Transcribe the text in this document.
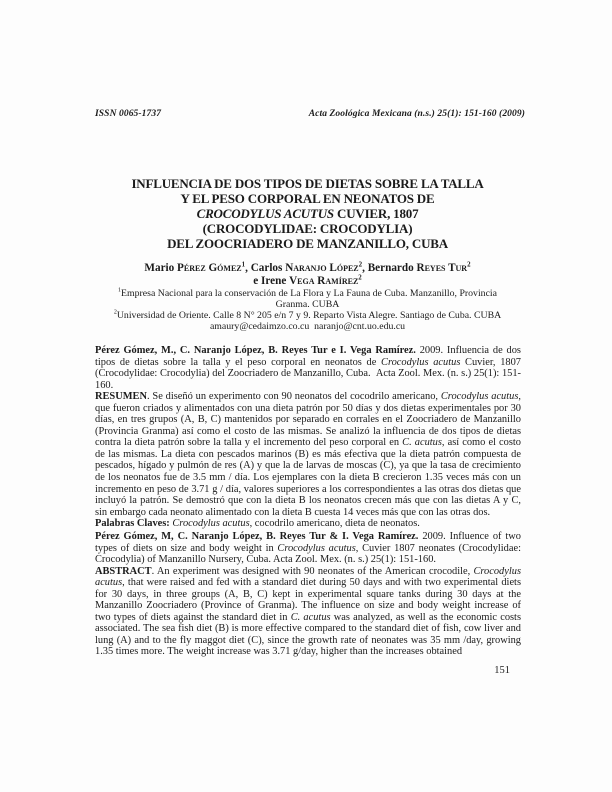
ISSN 0065-1737	Acta Zoológica Mexicana (n.s.) 25(1): 151-160 (2009)
INFLUENCIA DE DOS TIPOS DE DIETAS SOBRE LA TALLA
Y EL PESO CORPORAL EN NEONATOS DE
CROCODYLUS ACUTUS CUVIER, 1807
(CROCODYLIDAE: CROCODYLIA)
DEL ZOOCRIADERO DE MANZANILLO, CUBA
Mario Pérez Gómez$^1$, Carlos Naranjo López$^2$, Bernardo Reyes Tur$^2$
e Irene Vega Ramírez$^2$
$^1$Empresa Nacional para la conservación de La Flora y La Fauna de Cuba. Manzanillo, Provincia
Granma. CUBA
$^2$Universidad de Oriente. Calle 8 N° 205 e/n 7 y 9. Reparto Vista Alegre. Santiago de Cuba. CUBA
amaury@cedaimzo.co.cu  naranjo@cnt.uo.edu.cu

Pérez Gómez, M., C. Naranjo López, B. Reyes Tur e I. Vega Ramírez. 2009. Influencia de dos tipos de dietas sobre la talla y el peso corporal en neonatos de Crocodylus acutus Cuvier, 1807 (Crocodylidae: Crocodylia) del Zoocriadero de Manzanillo, Cuba.  Acta Zool. Mex. (n. s.) 25(1): 151-160.

RESUMEN. Se diseñó un experimento con 90 neonatos del cocodrilo americano, Crocodylus acutus, que fueron criados y alimentados con una dieta patrón por 50 días y dos dietas experimentales por 30 días, en tres grupos (A, B, C) mantenidos por separado en corrales en el Zoocriadero de Manzanillo (Provincia Granma) así como el costo de las mismas. Se analizó la influencia de dos tipos de dietas contra la dieta patrón sobre la talla y el incremento del peso corporal en C. acutus, así como el costo de las mismas. La dieta con pescados marinos (B) es más efectiva que la dieta patrón compuesta de pescados, hígado y pulmón de res (A) y que la de larvas de moscas (C), ya que la tasa de crecimiento de los neonatos fue de 3.5 mm / día. Los ejemplares con la dieta B crecieron 1.35 veces más con un incremento en peso de 3.71 g / día, valores superiores a los correspondientes a las otras dos dietas que incluyó la patrón. Se demostró que con la dieta B los neonatos crecen más que con las dietas A y C, sin embargo cada neonato alimentado con la dieta B cuesta 14 veces más que con las otras dos.

Palabras Claves: Crocodylus acutus, cocodrilo americano, dieta de neonatos.

Pérez Gómez, M, C. Naranjo López, B. Reyes Tur & I. Vega Ramírez. 2009. Influence of two types of diets on size and body weight in Crocodylus acutus, Cuvier 1807 neonates (Crocodylidae: Crocodylia) of Manzanillo Nursery, Cuba. Acta Zool. Mex. (n. s.) 25(1): 151-160.

ABSTRACT. An experiment was designed with 90 neonates of the American crocodile, Crocodylus acutus, that were raised and fed with a standard diet during 50 days and with two experimental diets for 30 days, in three groups (A, B, C) kept in experimental square tanks during 30 days at the Manzanillo Zoocriadero (Province of Granma). The influence on size and body weight increase of two types of diets against the standard diet in C. acutus was analyzed, as well as the economic costs associated. The sea fish diet (B) is more effective compared to the standard diet of fish, cow liver and lung (A) and to the fly maggot diet (C), since the growth rate of neonates was 35 mm /day, growing 1.35 times more. The weight increase was 3.71 g/day, higher than the increases obtained

151
